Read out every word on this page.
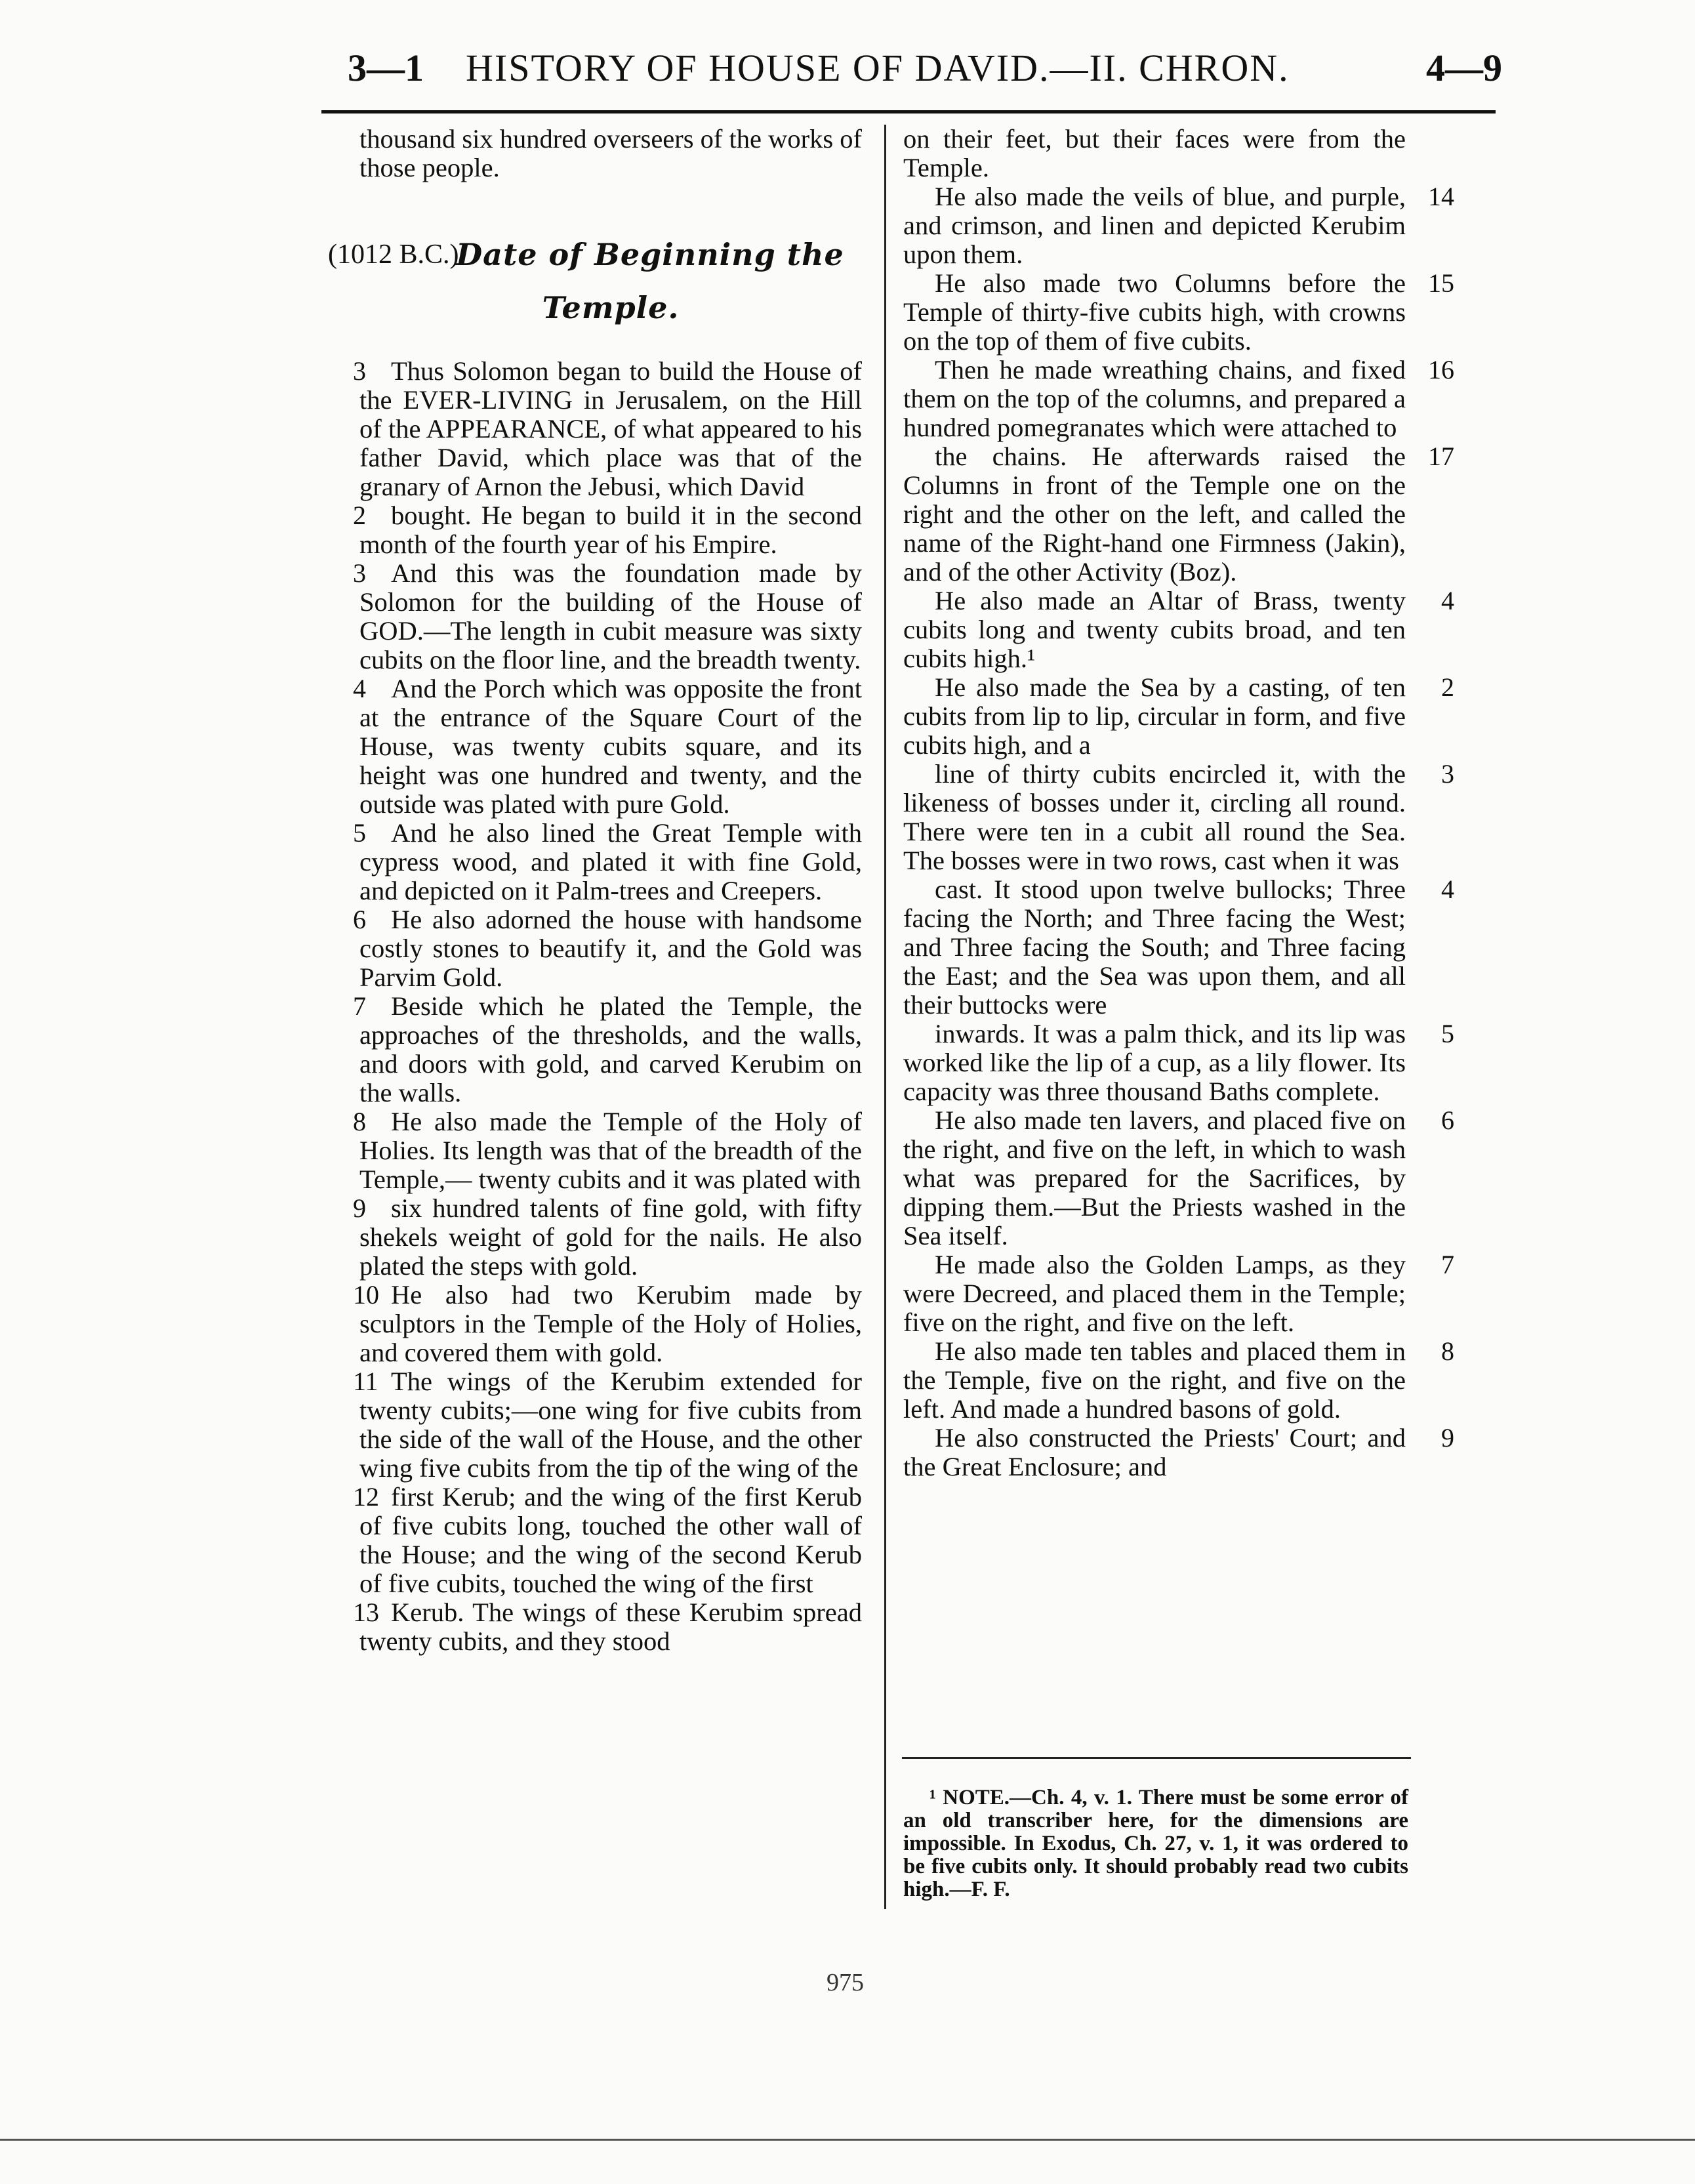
3—1 HISTORY OF HOUSE OF DAVID.—II. CHRON.	4—9

thousand six hundred overseers of the works of those people.

(1012 B.C.)
Date of Beginning the Temple.

3 Thus Solomon began to build the House of the EVER-LIVING in Jerusalem, on the Hill of the APPEARANCE, of what appeared to his father David, which place was that of the granary of Arnon the Jebusi, which David

2 bought. He began to build it in the second month of the fourth year of his Empire.

3 And this was the foundation made by Solomon for the building of the House of GOD.—The length in cubit measure was sixty cubits on the floor line, and the breadth twenty.

4 And the Porch which was opposite the front at the entrance of the Square Court of the House, was twenty cubits square, and its height was one hundred and twenty, and the outside was plated with pure Gold.

5 And he also lined the Great Temple with cypress wood, and plated it with fine Gold, and depicted on it Palm-trees and Creepers.

6 He also adorned the house with handsome costly stones to beautify it, and the Gold was Parvim Gold.

7 Beside which he plated the Temple, the approaches of the thresholds, and the walls, and doors with gold, and carved Kerubim on the walls.

8 He also made the Temple of the Holy of Holies. Its length was that of the breadth of the Temple,— twenty cubits and it was plated with

9 six hundred talents of fine gold, with fifty shekels weight of gold for the nails. He also plated the steps with gold.

10 He also had two Kerubim made by sculptors in the Temple of the Holy of Holies, and covered them with gold.

11 The wings of the Kerubim extended for twenty cubits;—one wing for five cubits from the side of the wall of the House, and the other wing five cubits from the tip of the wing of the

12 first Kerub; and the wing of the first Kerub of five cubits long, touched the other wall of the House; and the wing of the second Kerub of five cubits, touched the wing of the first

13 Kerub. The wings of these Kerubim spread twenty cubits, and they stood

on their feet, but their faces were from the Temple.

14
He also made the veils of blue, and purple, and crimson, and linen and depicted Kerubim upon them.

15
He also made two Columns before the Temple of thirty-five cubits high, with crowns on the top of them of five cubits.

16
Then he made wreathing chains, and fixed them on the top of the columns, and prepared a hundred pomegranates which were attached to

17
the chains. He afterwards raised the Columns in front of the Temple one on the right and the other on the left, and called the name of the Right-hand one Firmness (Jakin), and of the other Activity (Boz).

4
He also made an Altar of Brass, twenty cubits long and twenty cubits broad, and ten cubits high.¹

2
He also made the Sea by a casting, of ten cubits from lip to lip, circular in form, and five cubits high, and a

3
line of thirty cubits encircled it, with the likeness of bosses under it, circling all round. There were ten in a cubit all round the Sea. The bosses were in two rows, cast when it was

4
cast. It stood upon twelve bullocks; Three facing the North; and Three facing the West; and Three facing the South; and Three facing the East; and the Sea was upon them, and all their buttocks were

5
inwards. It was a palm thick, and its lip was worked like the lip of a cup, as a lily flower. Its capacity was three thousand Baths complete.

6
He also made ten lavers, and placed five on the right, and five on the left, in which to wash what was prepared for the Sacrifices, by dipping them.—But the Priests washed in the Sea itself.

7
He made also the Golden Lamps, as they were Decreed, and placed them in the Temple; five on the right, and five on the left.

8
He also made ten tables and placed them in the Temple, five on the right, and five on the left. And made a hundred basons of gold.

9
He also constructed the Priests' Court; and the Great Enclosure; and

¹ NOTE.—Ch. 4, v. 1. There must be some error of an old transcriber here, for the dimensions are impossible. In Exodus, Ch. 27, v. 1, it was ordered to be five cubits only. It should probably read two cubits high.—F. F.

975
